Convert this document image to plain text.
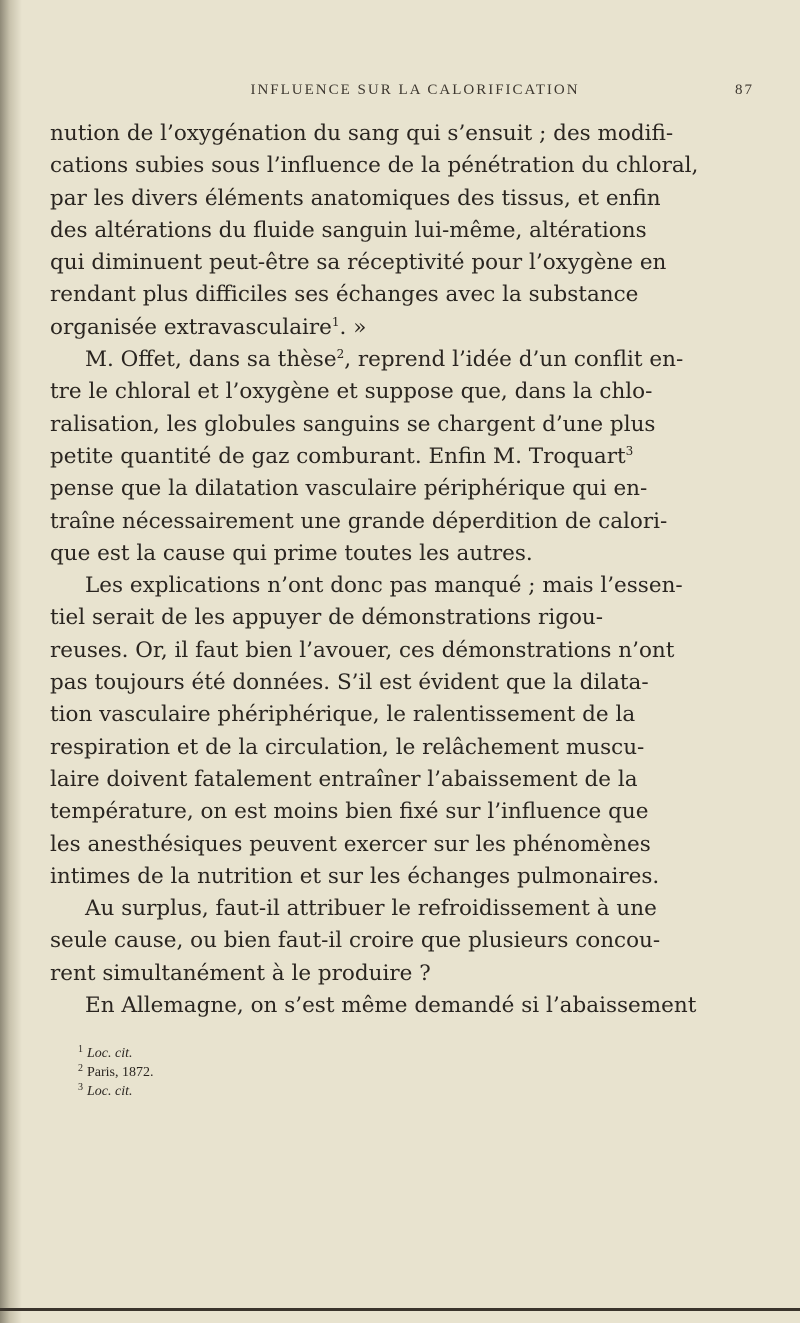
INFLUENCE SUR LA CALORIFICATION	87

nution de l’oxygénation du sang qui s’ensuit ; des modifi-
cations subies sous l’influence de la pénétration du chloral,
par les divers éléments anatomiques des tissus, et enfin
des altérations du fluide sanguin lui-même, altérations
qui diminuent peut-être sa réceptivité pour l’oxygène en
rendant plus difficiles ses échanges avec la substance
organisée extravasculaire$^1$. »

M. Offet, dans sa thèse$^2$, reprend l’idée d’un conflit en-

tre le chloral et l’oxygène et suppose que, dans la chlo-
ralisation, les globules sanguins se chargent d’une plus
petite quantité de gaz comburant. Enfin M. Troquart$^3$
pense que la dilatation vasculaire périphérique qui en-
traîne nécessairement une grande déperdition de calori-
que est la cause qui prime toutes les autres.

Les explications n’ont donc pas manqué ; mais l’essen-

tiel serait de les appuyer de démonstrations rigou-
reuses. Or, il faut bien l’avouer, ces démonstrations n’ont
pas toujours été données. S’il est évident que la dilata-
tion vasculaire phériphérique, le ralentissement de la
respiration et de la circulation, le relâchement muscu-
laire doivent fatalement entraîner l’abaissement de la
température, on est moins bien fixé sur l’influence que
les anesthésiques peuvent exercer sur les phénomènes
intimes de la nutrition et sur les échanges pulmonaires.

Au surplus, faut-il attribuer le refroidissement à une

seule cause, ou bien faut-il croire que plusieurs concou-
rent simultanément à le produire ?

En Allemagne, on s’est même demandé si l’abaissement

$^1$ Loc. cit.
$^2$ Paris, 1872.
$^3$ Loc. cit.
